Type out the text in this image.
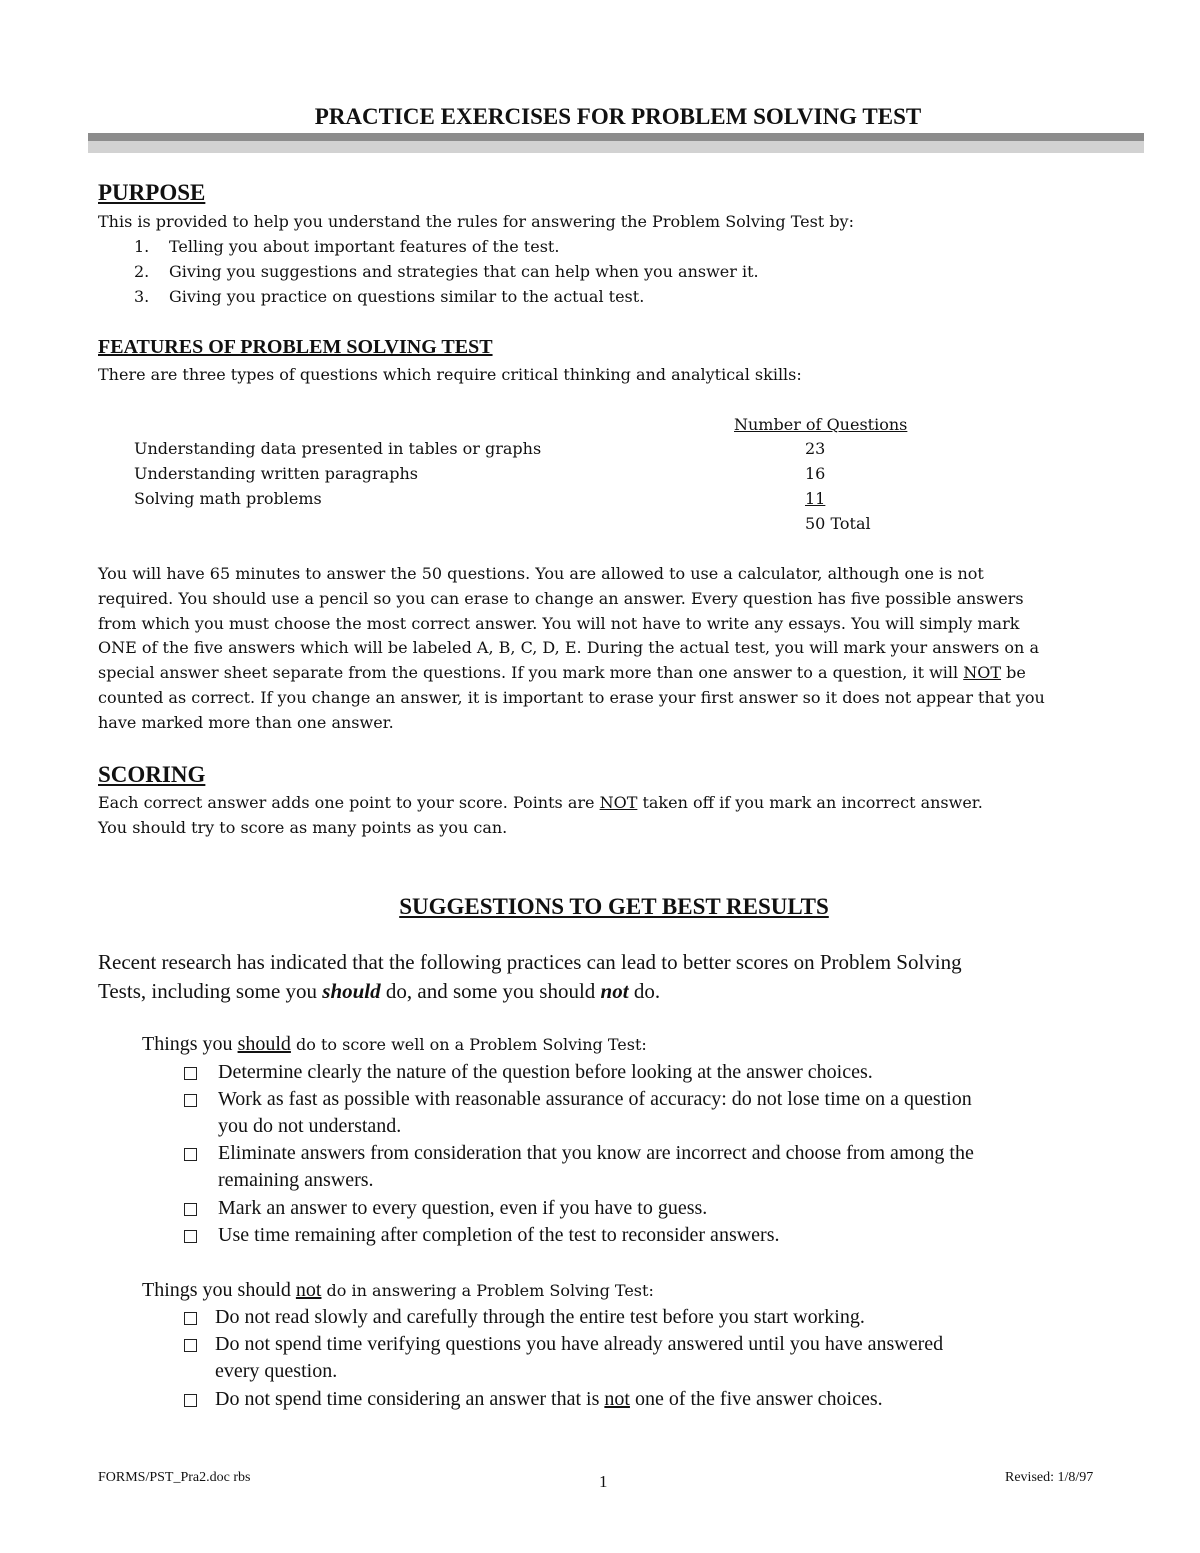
PRACTICE EXERCISES FOR PROBLEM SOLVING TEST
PURPOSE
This is provided to help you understand the rules for answering the Problem Solving Test by:
1. Telling you about important features of the test.
2. Giving you suggestions and strategies that can help when you answer it.
3. Giving you practice on questions similar to the actual test.
FEATURES OF PROBLEM SOLVING TEST
There are three types of questions which require critical thinking and analytical skills:
Number of Questions
Understanding data presented in tables or graphs	23
Understanding written paragraphs	16
Solving math problems	11
50 Total
You will have 65 minutes to answer the 50 questions. You are allowed to use a calculator, although one is not
required. You should use a pencil so you can erase to change an answer. Every question has five possible answers
from which you must choose the most correct answer. You will not have to write any essays. You will simply mark
ONE of the five answers which will be labeled A, B, C, D, E. During the actual test, you will mark your answers on a
special answer sheet separate from the questions. If you mark more than one answer to a question, it will NOT be
counted as correct. If you change an answer, it is important to erase your first answer so it does not appear that you
have marked more than one answer.
SCORING
Each correct answer adds one point to your score. Points are NOT taken off if you mark an incorrect answer.
You should try to score as many points as you can.
SUGGESTIONS TO GET BEST RESULTS
Recent research has indicated that the following practices can lead to better scores on Problem Solving
Tests, including some you should do, and some you should not do.
Things you should do to score well on a Problem Solving Test:
Determine clearly the nature of the question before looking at the answer choices.
Work as fast as possible with reasonable assurance of accuracy: do not lose time on a question
you do not understand.
Eliminate answers from consideration that you know are incorrect and choose from among the
remaining answers.
Mark an answer to every question, even if you have to guess.
Use time remaining after completion of the test to reconsider answers.
Things you should not do in answering a Problem Solving Test:
Do not read slowly and carefully through the entire test before you start working.
Do not spend time verifying questions you have already answered until you have answered
every question.
Do not spend time considering an answer that is not one of the five answer choices.
FORMS/PST_Pra2.doc rbs	1	Revised: 1/8/97
